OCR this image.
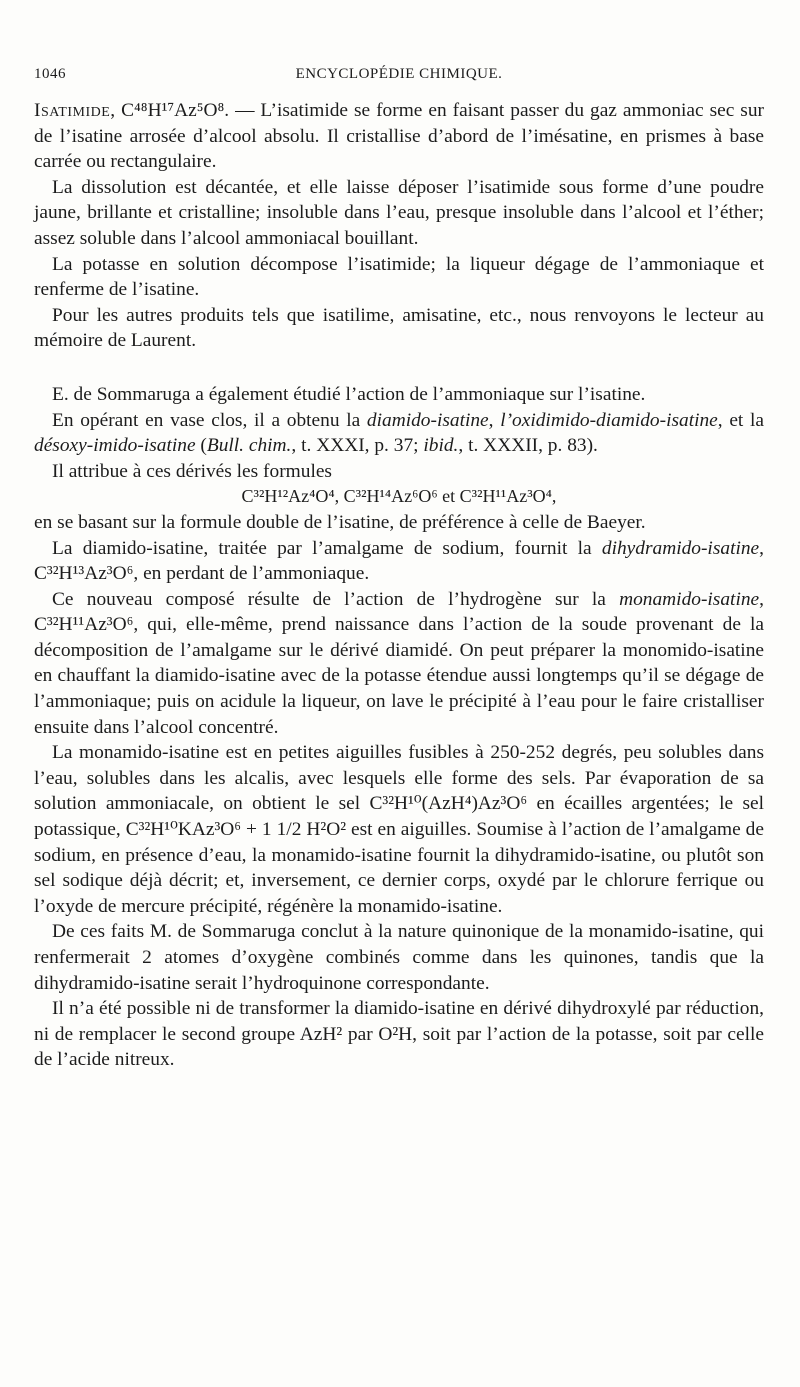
1046	ENCYCLOPÉDIE CHIMIQUE.

Isatimide, C⁴⁸H¹⁷Az⁵O⁸. — L’isatimide se forme en faisant passer du gaz ammoniac sec sur de l’isatine arrosée d’alcool absolu. Il cristallise d’abord de l’imésatine, en prismes à base carrée ou rectangulaire.

La dissolution est décantée, et elle laisse déposer l’isatimide sous forme d’une poudre jaune, brillante et cristalline; insoluble dans l’eau, presque insoluble dans l’alcool et l’éther; assez soluble dans l’alcool ammoniacal bouillant.

La potasse en solution décompose l’isatimide; la liqueur dégage de l’ammoniaque et renferme de l’isatine.

Pour les autres produits tels que isatilime, amisatine, etc., nous renvoyons le lecteur au mémoire de Laurent.

E. de Sommaruga a également étudié l’action de l’ammoniaque sur l’isatine.

En opérant en vase clos, il a obtenu la diamido-isatine, l’oxidimido-diamido-isatine, et la désoxy-imido-isatine (Bull. chim., t. XXXI, p. 37; ibid., t. XXXII, p. 83).

Il attribue à ces dérivés les formules

C³²H¹²Az⁴O⁴, C³²H¹⁴Az⁶O⁶ et C³²H¹¹Az³O⁴,

en se basant sur la formule double de l’isatine, de préférence à celle de Baeyer.

La diamido-isatine, traitée par l’amalgame de sodium, fournit la dihydramido-isatine, C³²H¹³Az³O⁶, en perdant de l’ammoniaque.

Ce nouveau composé résulte de l’action de l’hydrogène sur la monamido-isatine, C³²H¹¹Az³O⁶, qui, elle-même, prend naissance dans l’action de la soude provenant de la décomposition de l’amalgame sur le dérivé diamidé. On peut préparer la monomido-isatine en chauffant la diamido-isatine avec de la potasse étendue aussi longtemps qu’il se dégage de l’ammoniaque; puis on acidule la liqueur, on lave le précipité à l’eau pour le faire cristalliser ensuite dans l’alcool concentré.

La monamido-isatine est en petites aiguilles fusibles à 250-252 degrés, peu solubles dans l’eau, solubles dans les alcalis, avec lesquels elle forme des sels. Par évaporation de sa solution ammoniacale, on obtient le sel C³²H¹⁰(AzH⁴)Az³O⁶ en écailles argentées; le sel potassique, C³²H¹⁰KAz³O⁶ + 1 1/2 H²O² est en aiguilles. Soumise à l’action de l’amalgame de sodium, en présence d’eau, la monamido-isatine fournit la dihydramido-isatine, ou plutôt son sel sodique déjà décrit; et, inversement, ce dernier corps, oxydé par le chlorure ferrique ou l’oxyde de mercure précipité, régénère la monamido-isatine.

De ces faits M. de Sommaruga conclut à la nature quinonique de la monamido-isatine, qui renfermerait 2 atomes d’oxygène combinés comme dans les quinones, tandis que la dihydramido-isatine serait l’hydroquinone correspondante.

Il n’a été possible ni de transformer la diamido-isatine en dérivé dihydroxylé par réduction, ni de remplacer le second groupe AzH² par O²H, soit par l’action de la potasse, soit par celle de l’acide nitreux.
